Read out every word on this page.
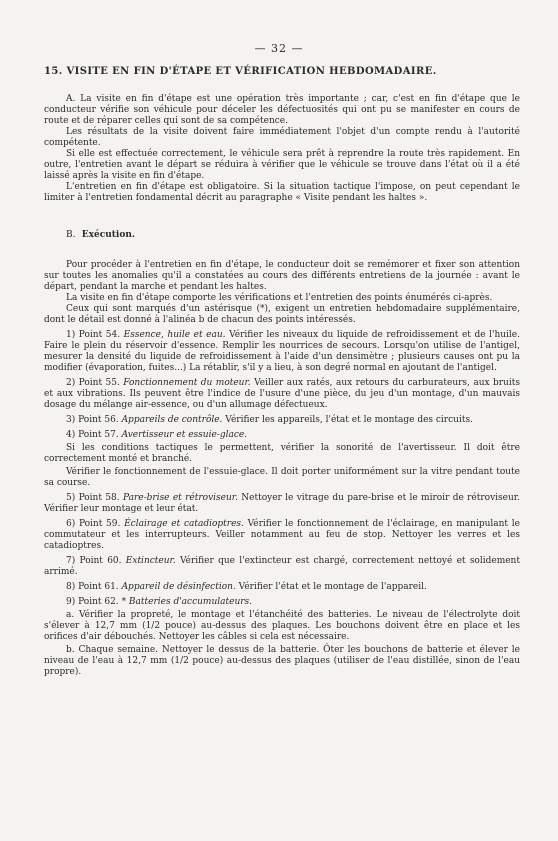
— 32 —
15. VISITE EN FIN D'ÉTAPE ET VÉRIFICATION HEBDOMADAIRE.

A. La visite en fin d'étape est une opération très importante ; car, c'est en fin d'étape que le conducteur vérifie son véhicule pour déceler les défectuosités qui ont pu se manifester en cours de route et de réparer celles qui sont de sa compétence.

Les résultats de la visite doivent faire immédiatement l'objet d'un compte rendu à l'autorité compétente.

Si elle est effectuée correctement, le véhicule sera prêt à reprendre la route très rapidement. En outre, l'entretien avant le départ se réduira à vérifier que le véhicule se trouve dans l'état où il a été laissé après la visite en fin d'étape.

L'entretien en fin d'étape est obligatoire. Si la situation tactique l'impose, on peut cependant le limiter à l'entretien fondamental décrit au paragraphe « Visite pendant les haltes ».

B. Exécution.

Pour procéder à l'entretien en fin d'étape, le conducteur doit se remémorer et fixer son attention sur toutes les anomalies qu'il a constatées au cours des différents entretiens de la journée : avant le départ, pendant la marche et pendant les haltes.

La visite en fin d'étape comporte les vérifications et l'entretien des points énumérés ci-après.

Ceux qui sont marqués d'un astérisque (*), exigent un entretien hebdomadaire supplémentaire, dont le détail est donné à l'alinéa b de chacun des points intéressés.

1) Point 54. Essence, huile et eau. Vérifier les niveaux du liquide de refroidissement et de l'huile. Faire le plein du réservoir d'essence. Remplir les nourrices de secours. Lorsqu'on utilise de l'antigel, mesurer la densité du liquide de refroidissement à l'aide d'un densimètre ; plusieurs causes ont pu la modifier (évaporation, fuites...) La rétablir, s'il y a lieu, à son degré normal en ajoutant de l'antigel.

2) Point 55. Fonctionnement du moteur. Veiller aux ratés, aux retours du carburateurs, aux bruits et aux vibrations. Ils peuvent être l'indice de l'usure d'une pièce, du jeu d'un montage, d'un mauvais dosage du mélange air-essence, ou d'un allumage défectueux.

3) Point 56. Appareils de contrôle. Vérifier les appareils, l'état et le montage des circuits.

4) Point 57. Avertisseur et essuie-glace.

Si les conditions tactiques le permettent, vérifier la sonorité de l'avertisseur. Il doit être correctement monté et branché.

Vérifier le fonctionnement de l'essuie-glace. Il doit porter uniformément sur la vitre pendant toute sa course.

5) Point 58. Pare-brise et rétroviseur. Nettoyer le vitrage du pare-brise et le miroir de rétroviseur. Vérifier leur montage et leur état.

6) Point 59. Éclairage et catadioptres. Vérifier le fonctionnement de l'éclairage, en manipulant le commutateur et les interrupteurs. Veiller notamment au feu de stop. Nettoyer les verres et les catadioptres.

7) Point 60. Extincteur. Vérifier que l'extincteur est chargé, correctement nettoyé et solidement arrimé.

8) Point 61. Appareil de désinfection. Vérifier l'état et le montage de l'appareil.

9) Point 62. * Batteries d'accumulateurs.

a. Vérifier la propreté, le montage et l'étanchéité des batteries. Le niveau de l'électrolyte doit s'élever à 12,7 mm (1/2 pouce) au-dessus des plaques. Les bouchons doivent être en place et les orifices d'air débouchés. Nettoyer les câbles si cela est nécessaire.

b. Chaque semaine. Nettoyer le dessus de la batterie. Ôter les bouchons de batterie et élever le niveau de l'eau à 12,7 mm (1/2 pouce) au-dessus des plaques (utiliser de l'eau distillée, sinon de l'eau propre).
